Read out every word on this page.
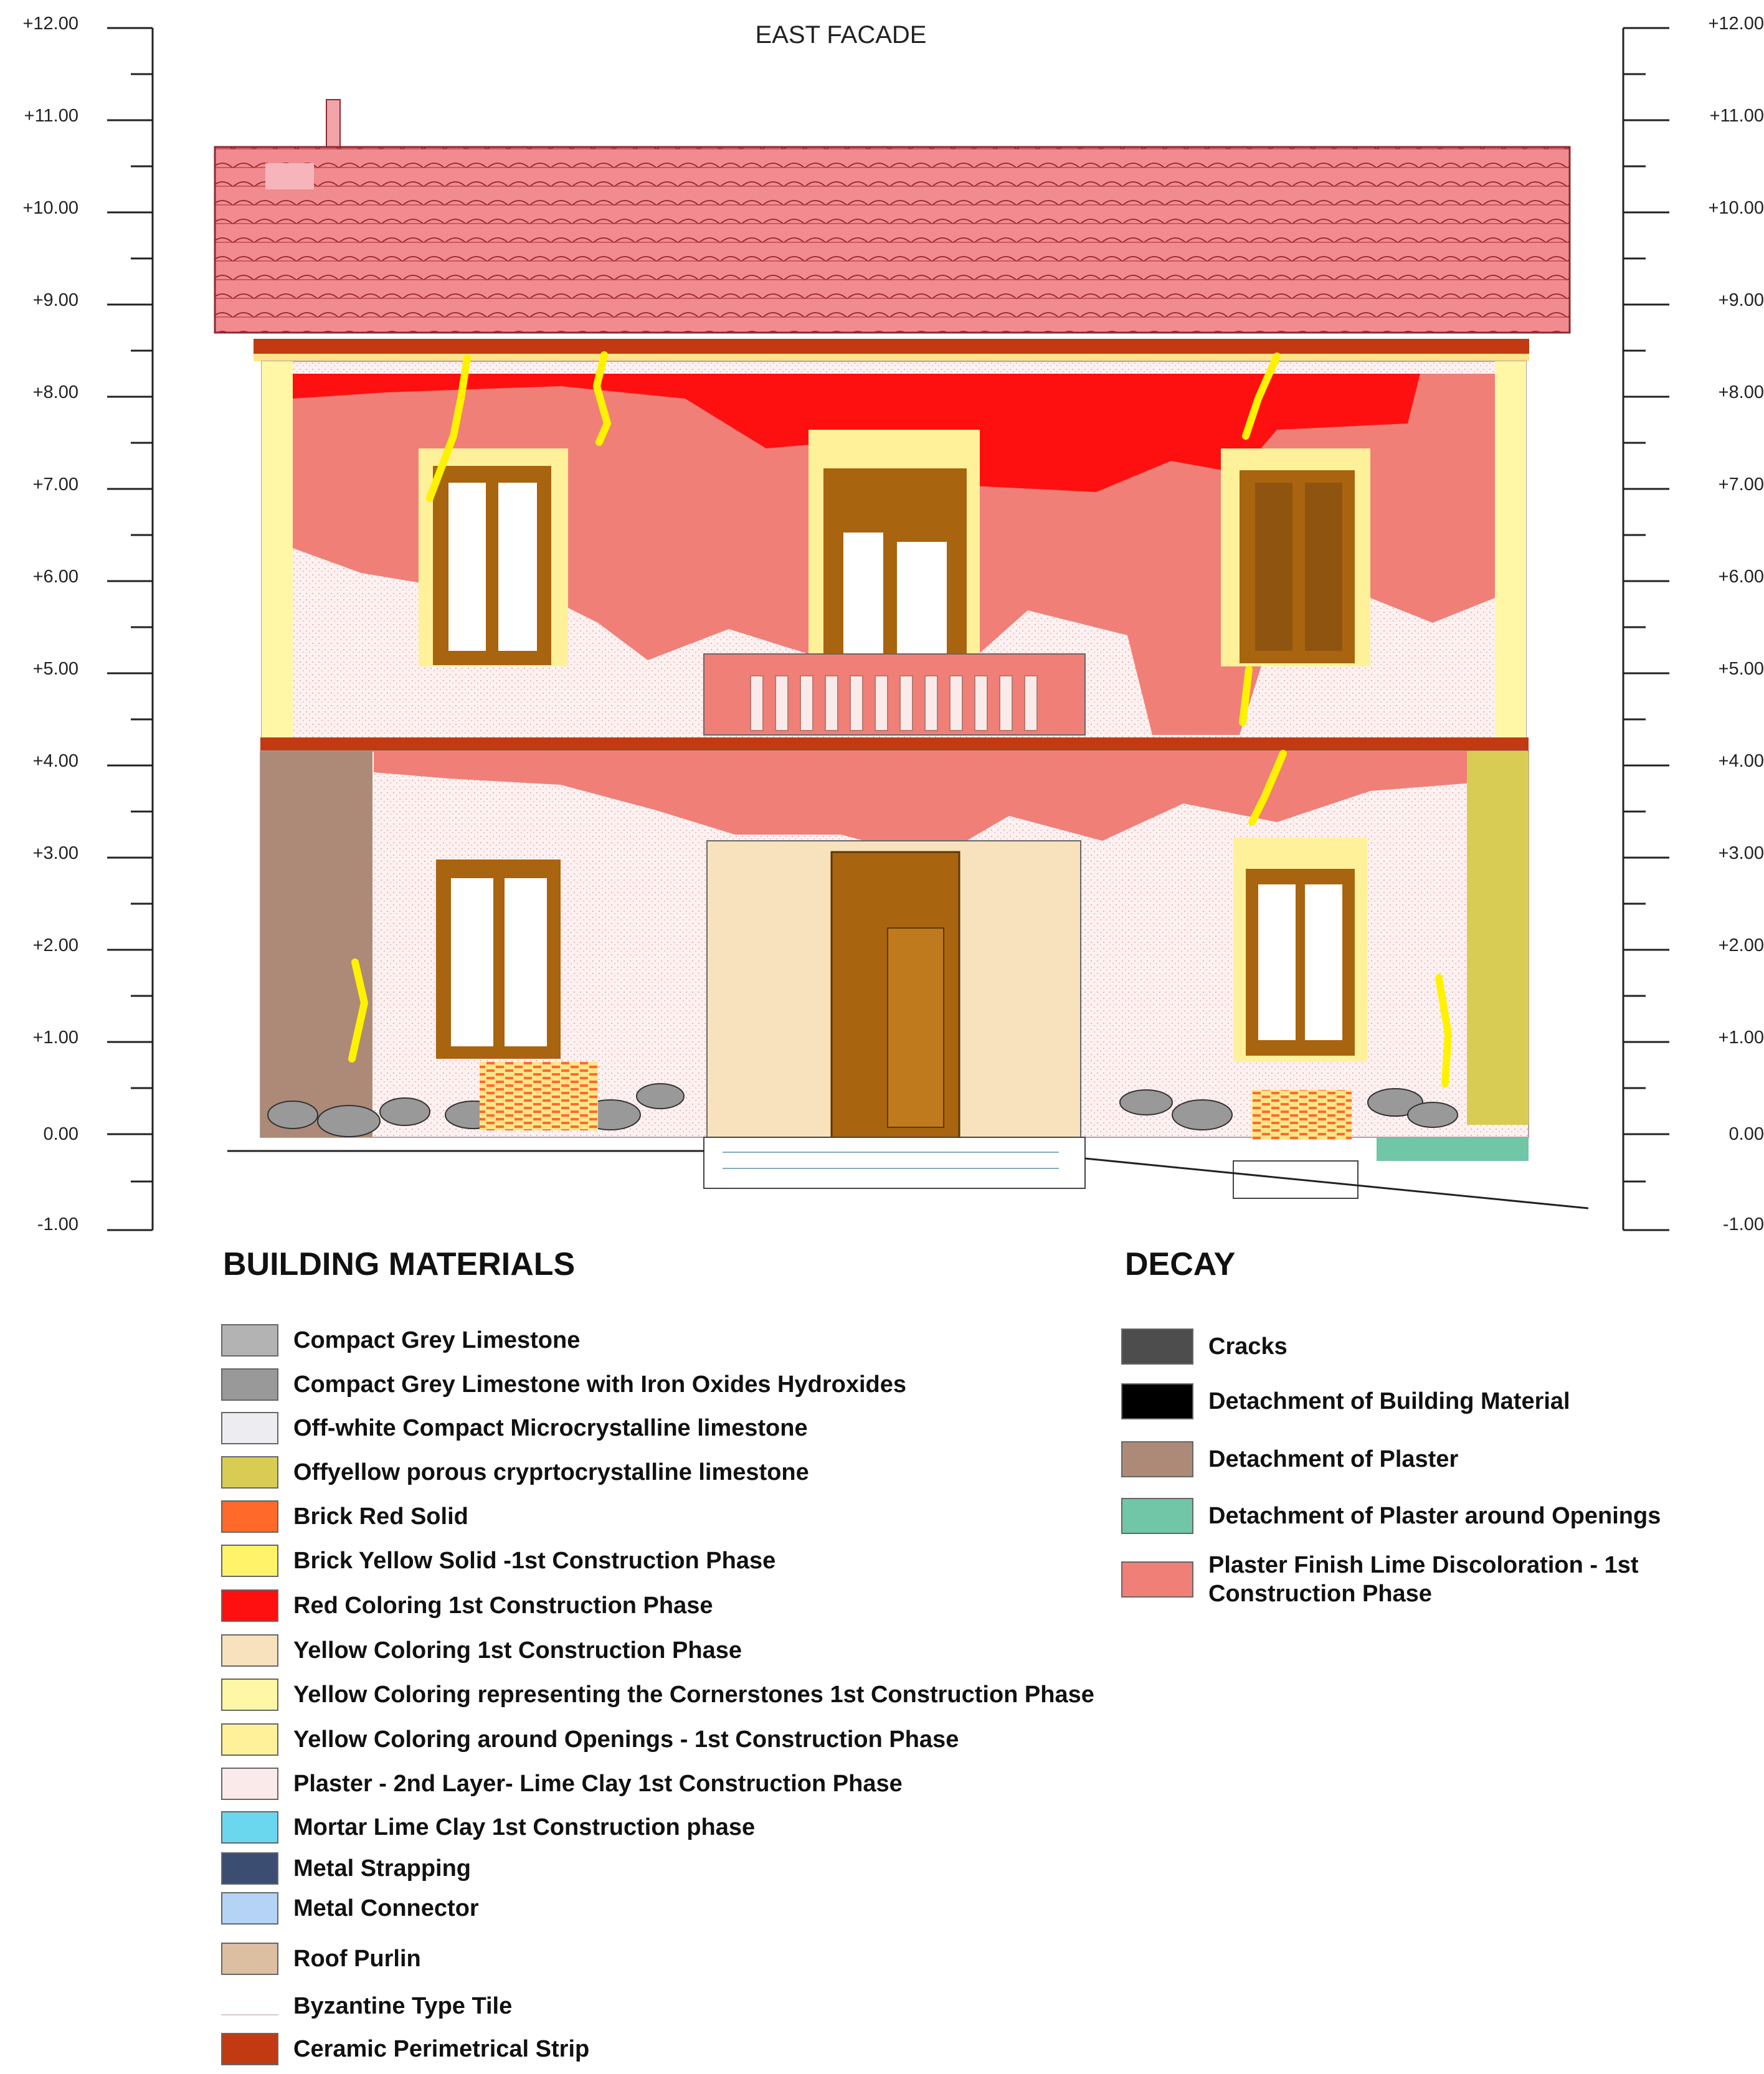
EAST FACADE
+12.00
+11.00
+10.00
+9.00
+8.00
+7.00
+6.00
+5.00
+4.00
+3.00
+2.00
+1.00
0.00
-1.00
+12.00
+11.00
+10.00
+9.00
+8.00
+7.00
+6.00
+5.00
+4.00
+3.00
+2.00
+1.00
0.00
-1.00
BUILDING MATERIALS	DECAY
Compact Grey Limestone
Compact Grey Limestone with Iron Oxides Hydroxides
Off-white Compact Microcrystalline limestone
Offyellow porous cryprtocrystalline limestone
Brick Red Solid
Brick Yellow Solid -1st Construction Phase
Red Coloring 1st Construction Phase
Yellow Coloring 1st Construction Phase
Yellow Coloring representing the Cornerstones 1st Construction Phase
Yellow Coloring around Openings - 1st Construction Phase
Plaster - 2nd Layer- Lime Clay 1st Construction Phase
Mortar Lime Clay 1st Construction phase
Metal Strapping
Metal Connector
Roof Purlin
Byzantine Type Tile
Ceramic Perimetrical Strip
Cracks
Detachment of Building Material
Detachment of Plaster
Detachment of Plaster around Openings
Plaster Finish Lime Discoloration - 1st Construction Phase
